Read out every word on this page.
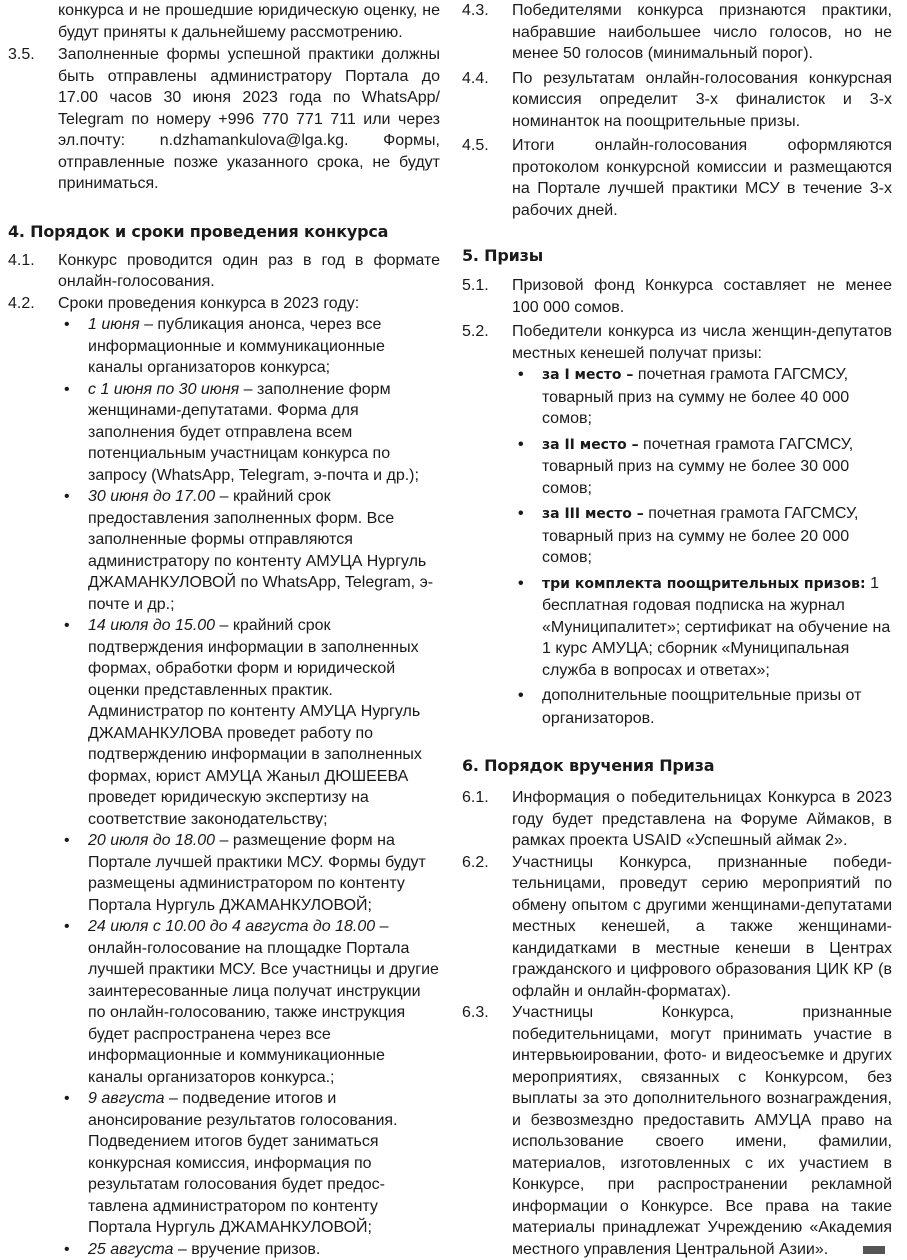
конкурса и не прошедшие юридическую оценку, не будут приняты к дальнейшему рассмотрению.
3.5.	Заполненные формы успешной практики должны быть отправлены администратору Портала до 17.00 часов 30 июня 2023 года по WhatsApp/ Telegram по номеру +996 770 771 711 или через эл.почту: n.dzhamankulova@lga.kg. Формы, отправленные позже указанного срока, не будут приниматься.
4. Порядок и сроки проведения конкурса
4.1.	Конкурс проводится один раз в год в формате онлайн-голосования.
4.2.	Сроки проведения конкурса в 2023 году:
• 1 июня – публикация анонса, через все информационные и коммуникационные каналы организаторов конкурса;
• с 1 июня по 30 июня – заполнение форм женщинами-депутатами. Форма для заполнения будет отправлена всем потенциальным участницам конкурса по запросу (WhatsApp, Telegram, э-почта и др.);
• 30 июня до 17.00 – крайний срок предоставления заполненных форм. Все заполненные формы отправляются администратору по контенту АМУЦА Нургуль ДЖАМАНКУЛОВОЙ по WhatsApp, Telegram, э-почте и др.;
• 14 июля до 15.00 – крайний срок подтверждения информации в заполненных формах, обработки форм и юридической оценки представленных практик. Администратор по контенту АМУЦА Нургуль ДЖАМАНКУЛОВА проведет работу по подтверждению информации в заполненных формах, юрист АМУЦА Жаныл ДЮШЕЕВА проведет юридическую экспертизу на соответствие законодательству;
• 20 июля до 18.00 – размещение форм на Портале лучшей практики МСУ. Формы будут размещены администратором по контенту Портала Нургуль ДЖАМАНКУЛОВОЙ;
• 24 июля с 10.00 до 4 августа до 18.00 – онлайн-голосование на площадке Портала лучшей практики МСУ. Все участницы и другие заинтересованные лица получат инструкции по онлайн-голосованию, также инструкция будет распространена через все информационные и коммуникационные каналы организаторов конкурса.;
• 9 августа – подведение итогов и анонсирование результатов голосования. Подведением итогов будет заниматься конкурсная комиссия, информация по результатам голосования будет предос-тавлена администратором по контенту Портала Нургуль ДЖАМАНКУЛОВОЙ;
• 25 августа – вручение призов.
4.3.	Победителями конкурса признаются практики, набравшие наибольшее число голосов, но не менее 50 голосов (минимальный порог).
4.4.	По результатам онлайн-голосования конкурсная комиссия определит 3-х финалисток и 3-х номинанток на поощрительные призы.
4.5.	Итоги онлайн-голосования оформляются протоколом конкурсной комиссии и размещаются на Портале лучшей практики МСУ в течение 3-х рабочих дней.
5. Призы
5.1.	Призовой фонд Конкурса составляет не менее 100 000 сомов.
5.2.	Победители конкурса из числа женщин-депутатов местных кенешей получат призы:
• за I место – почетная грамота ГАГСМСУ, товарный приз на сумму не более 40 000 сомов;
• за II место – почетная грамота ГАГСМСУ, товарный приз на сумму не более 30 000 сомов;
• за III место – почетная грамота ГАГСМСУ, товарный приз на сумму не более 20 000 сомов;
• три комплекта поощрительных призов: 1 бесплатная годовая подписка на журнал «Муниципалитет»; сертификат на обучение на 1 курс АМУЦА; сборник «Муниципальная служба в вопросах и ответах»;
• дополнительные поощрительные призы от организаторов.
6. Порядок вручения Приза
6.1.	Информация о победительницах Конкурса в 2023 году будет представлена на Форуме Аймаков, в рамках проекта USAID «Успешный аймак 2».
6.2.	Участницы Конкурса, признанные победи-тельницами, проведут серию мероприятий по обмену опытом с другими женщинами-депутатами местных кенешей, а также женщинами-кандидатками в местные кенеши в Центрах гражданского и цифрового образования ЦИК КР (в офлайн и онлайн-форматах).
6.3.	Участницы Конкурса, признанные победительницами, могут принимать участие в интервьюировании, фото- и видеосъемке и других мероприятиях, связанных с Конкурсом, без выплаты за это дополнительного вознаграждения, и безвозмездно предоставить АМУЦА право на использование своего имени, фамилии, материалов, изготовленных с их участием в Конкурсе, при распространении рекламной информации о Конкурсе. Все права на такие материалы принадлежат Учреждению «Академия местного управления Центральной Азии».
